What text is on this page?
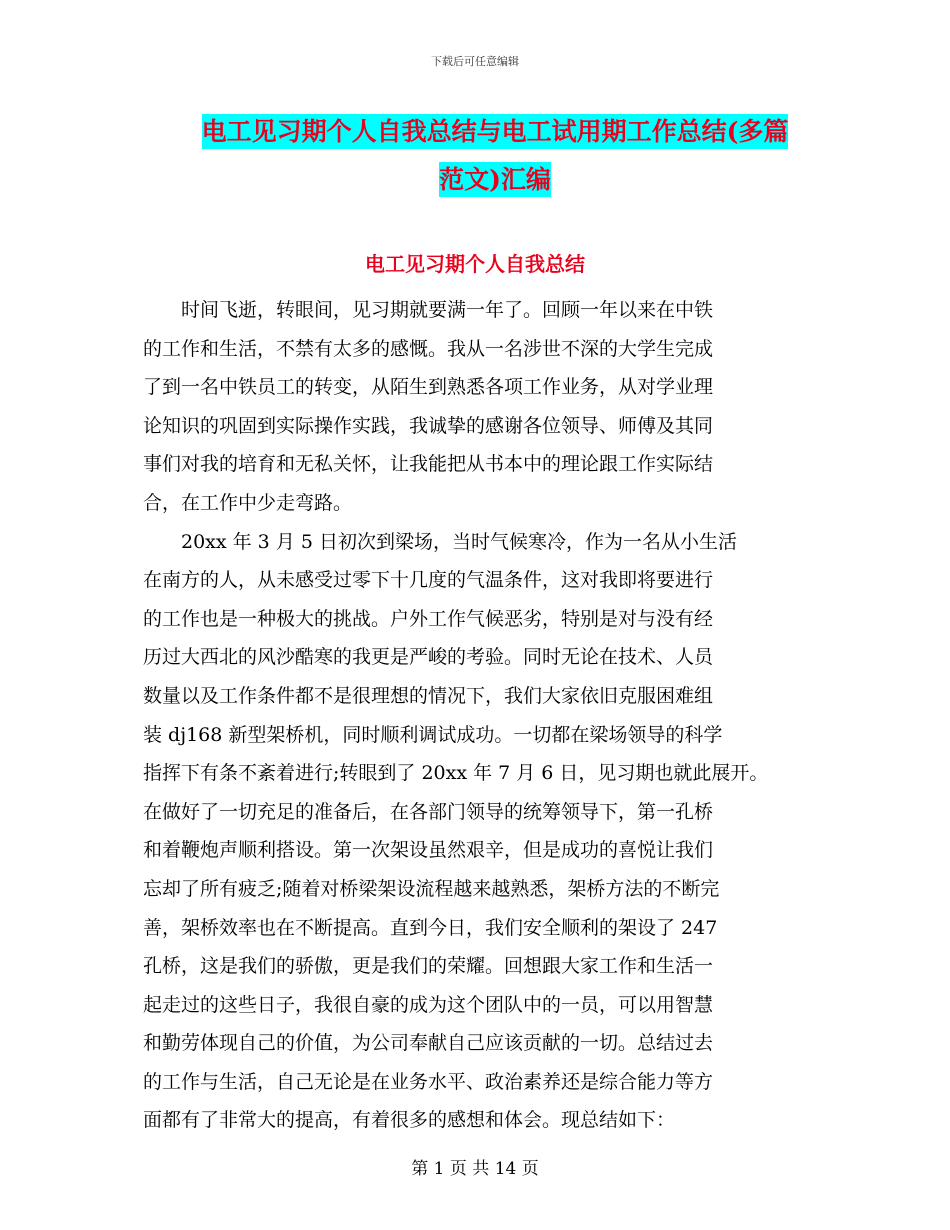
下载后可任意编辑
电工见习期个人自我总结与电工试用期工作总结(多篇
范文)汇编
电工见习期个人自我总结
　　时间飞逝，转眼间，见习期就要满一年了。回顾一年以来在中铁
的工作和生活，不禁有太多的感慨。我从一名涉世不深的大学生完成
了到一名中铁员工的转变，从陌生到熟悉各项工作业务，从对学业理
论知识的巩固到实际操作实践，我诚挚的感谢各位领导、师傅及其同
事们对我的培育和无私关怀，让我能把从书本中的理论跟工作实际结
合，在工作中少走弯路。
　　20xx 年 3 月 5 日初次到梁场，当时气候寒冷，作为一名从小生活
在南方的人，从未感受过零下十几度的气温条件，这对我即将要进行
的工作也是一种极大的挑战。户外工作气候恶劣，特别是对与没有经
历过大西北的风沙酷寒的我更是严峻的考验。同时无论在技术、人员
数量以及工作条件都不是很理想的情况下，我们大家依旧克服困难组
装 dj168 新型架桥机，同时顺利调试成功。一切都在梁场领导的科学
指挥下有条不紊着进行;转眼到了 20xx 年 7 月 6 日，见习期也就此展开。
在做好了一切充足的准备后，在各部门领导的统筹领导下，第一孔桥
和着鞭炮声顺利搭设。第一次架设虽然艰辛，但是成功的喜悦让我们
忘却了所有疲乏;随着对桥梁架设流程越来越熟悉，架桥方法的不断完
善，架桥效率也在不断提高。直到今日，我们安全顺利的架设了 247
孔桥，这是我们的骄傲，更是我们的荣耀。回想跟大家工作和生活一
起走过的这些日子，我很自豪的成为这个团队中的一员，可以用智慧
和勤劳体现自己的价值，为公司奉献自己应该贡献的一切。总结过去
的工作与生活，自己无论是在业务水平、政治素养还是综合能力等方
面都有了非常大的提高，有着很多的感想和体会。现总结如下：
第 1 页 共 14 页
